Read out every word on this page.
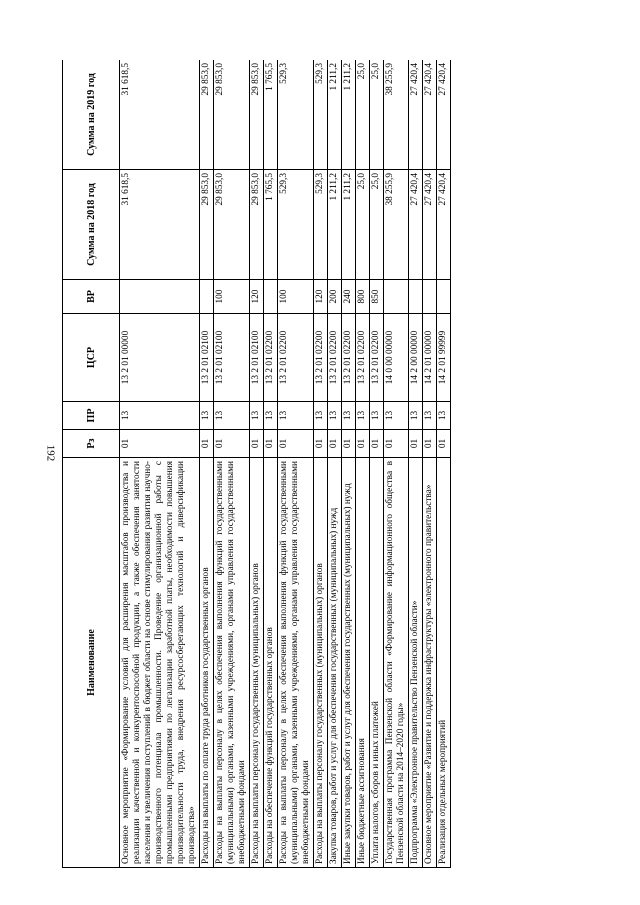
192
Наименование	Рз	ПР	ЦСР	ВР	Сумма на 2018 год	Сумма на 2019 год
Основное мероприятие «Формирование условий для расширения масштабов производства и реализации качественной и конкурентоспособной продукции, а также обеспечения занятости населения и увеличения поступлений в бюджет области на основе стимулирования развития научно-производственного потенциала промышленности. Проведение организационной работы с промышленными предприятиями по легализации заработной платы, необходимости повышения производительности труда, внедрения ресурсосберегающих технологий и диверсификации производства»	01	13	13 2 01 00000		31 618,5	31 618,5
Расходы на выплаты по оплате труда работников государственных органов	01	13	13 2 01 02100		29 853,0	29 853,0
Расходы на выплаты персоналу в целях обеспечения выполнения функций государственными (муниципальными) органами, казенными учреждениями, органами управления государственными внебюджетными фондами	01	13	13 2 01 02100	100	29 853,0	29 853,0
Расходы на выплаты персоналу государственных (муниципальных) органов	01	13	13 2 01 02100	120	29 853,0	29 853,0
Расходы на обеспечение функций государственных органов	01	13	13 2 01 02200		1 765,5	1 765,5
Расходы на выплаты персоналу в целях обеспечения выполнения функций государственными (муниципальными) органами, казенными учреждениями, органами управления государственными внебюджетными фондами	01	13	13 2 01 02200	100	529,3	529,3
Расходы на выплаты персоналу государственных (муниципальных) органов	01	13	13 2 01 02200	120	529,3	529,3
Закупка товаров, работ и услуг для обеспечения государственных (муниципальных) нужд	01	13	13 2 01 02200	200	1 211,2	1 211,2
Иные закупки товаров, работ и услуг для обеспечения государственных (муниципальных) нужд	01	13	13 2 01 02200	240	1 211,2	1 211,2
Иные бюджетные ассигнования	01	13	13 2 01 02200	800	25,0	25,0
Уплата налогов, сборов и иных платежей	01	13	13 2 01 02200	850	25,0	25,0
Государственная программа Пензенской области «Формирование информационного общества в Пензенской области на 2014–2020 годы»	01	13	14 0 00 00000		38 255,9	38 255,9
Подпрограмма «Электронное правительство Пензенской области»	01	13	14 2 00 00000		27 420,4	27 420,4
Основное мероприятие «Развитие и поддержка инфраструктуры «электронного правительства»	01	13	14 2 01 00000		27 420,4	27 420,4
Реализация отдельных мероприятий	01	13	14 2 01 99999		27 420,4	27 420,4
